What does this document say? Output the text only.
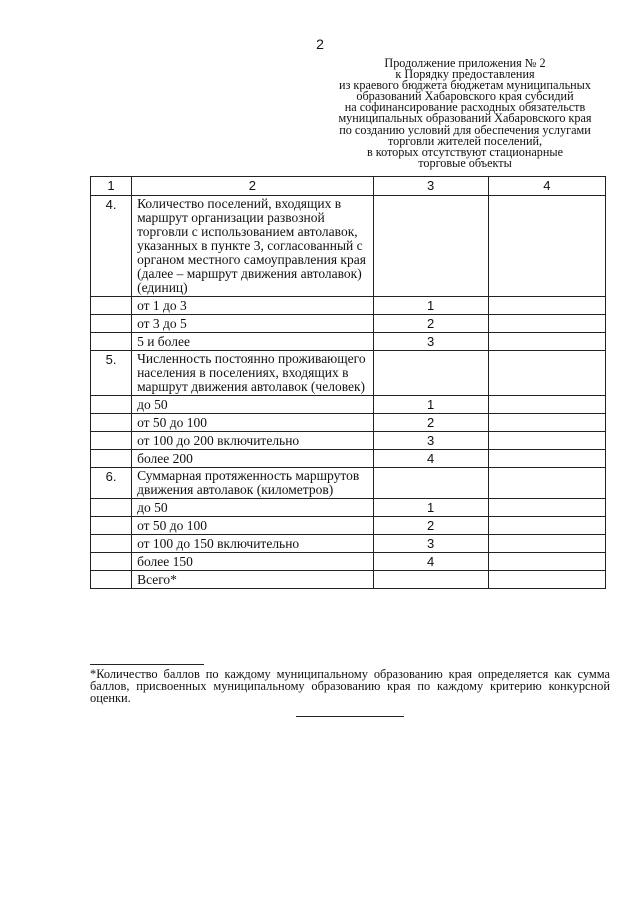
2
Продолжение приложения № 2
к Порядку предоставления
из краевого бюджета бюджетам муниципальных
образований Хабаровского края субсидий
на софинансирование расходных обязательств
муниципальных образований Хабаровского края
по созданию условий для обеспечения услугами
торговли жителей поселений,
в которых отсутствуют стационарные
торговые объекты
1	2	3	4
4.	Количество поселений, входящих в маршрут организации развозной торговли с использованием автолавок, указанных в пункте 3, согласованный с органом местного самоуправления края (далее – маршрут движения автолавок) (единиц)		
	от 1 до 3	1	
	от 3 до 5	2	
	5 и более	3	
5.	Численность постоянно проживающего населения в поселениях, входящих в маршрут движения автолавок (человек)		
	до 50	1	
	от 50 до 100	2	
	от 100 до 200 включительно	3	
	более 200	4	
6.	Суммарная протяженность маршрутов движения автолавок (километров)		
	до 50	1	
	от 50 до 100	2	
	от 100 до 150 включительно	3	
	более 150	4	
	Всего*		
*Количество баллов по каждому муниципальному образованию края определяется как сумма баллов, присвоенных муниципальному образованию края по каждому критерию конкурсной оценки.
